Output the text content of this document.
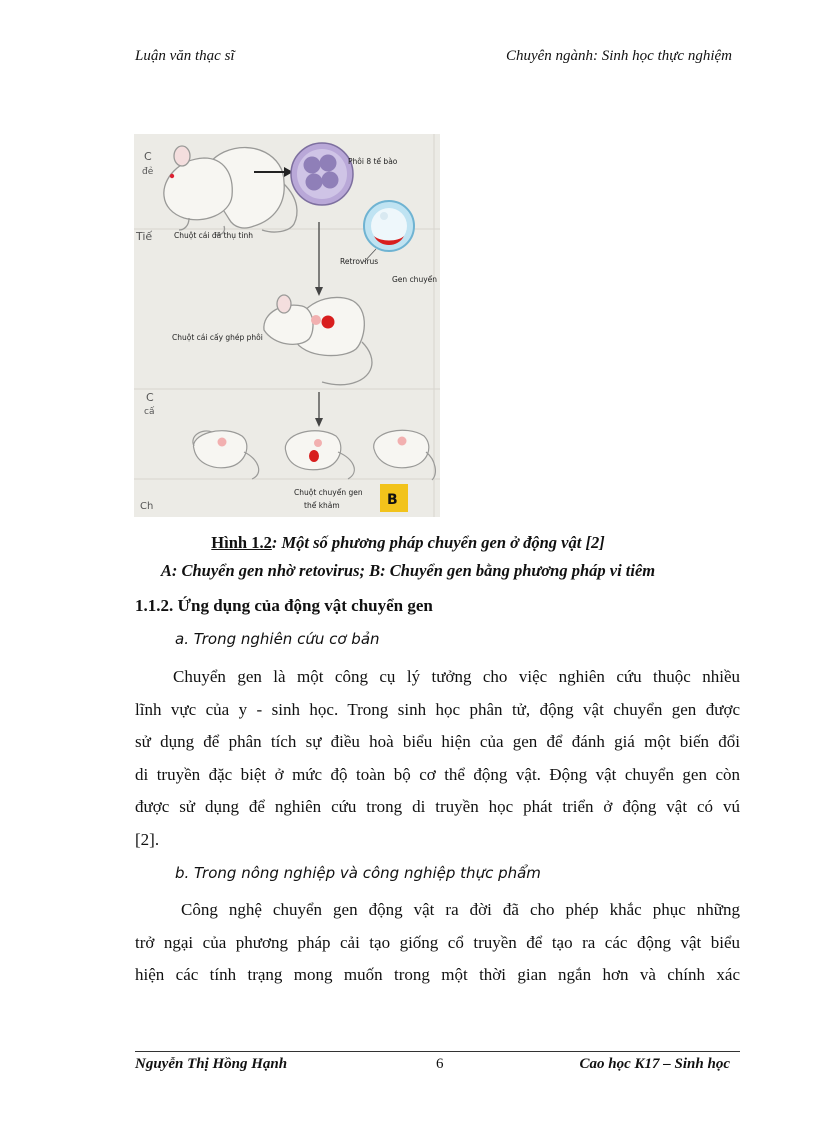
Luận văn thạc sĩ	Chuyên ngành: Sinh học thực nghiệm
C
đẻ
Tiế
C
cấ
Ch
Chuột cái đã thụ tinh
Phôi 8 tế bào
Gen chuyển
Retrovirus
Chuột cái cấy ghép phôi
Chuột chuyển gen
thể khảm	B
Hình 1.2: Một số phương pháp chuyển gen ở động vật [2]
A: Chuyển gen nhờ retovirus; B: Chuyển gen bằng phương pháp vi tiêm
1.1.2. Ứng dụng của động vật chuyển gen
a. Trong nghiên cứu cơ bản
Chuyển gen là một công cụ lý tưởng cho việc nghiên cứu thuộc nhiều
lĩnh vực của y - sinh học. Trong sinh học phân tử, động vật chuyển gen được
sử dụng để phân tích sự điều hoà biểu hiện của gen để đánh giá một biến đổi
di truyền đặc biệt ở mức độ toàn bộ cơ thể động vật. Động vật chuyển gen còn
được sử dụng để nghiên cứu trong di truyền học phát triển ở động vật có vú
[2].
b. Trong nông nghiệp và công nghiệp thực phẩm
Công nghệ chuyển gen động vật ra đời đã cho phép khắc phục những
trở ngại của phương pháp cải tạo giống cổ truyền để tạo ra các động vật biểu
hiện các tính trạng mong muốn trong một thời gian ngắn hơn và chính xác
Nguyễn Thị Hồng Hạnh	6	Cao học K17 – Sinh học
